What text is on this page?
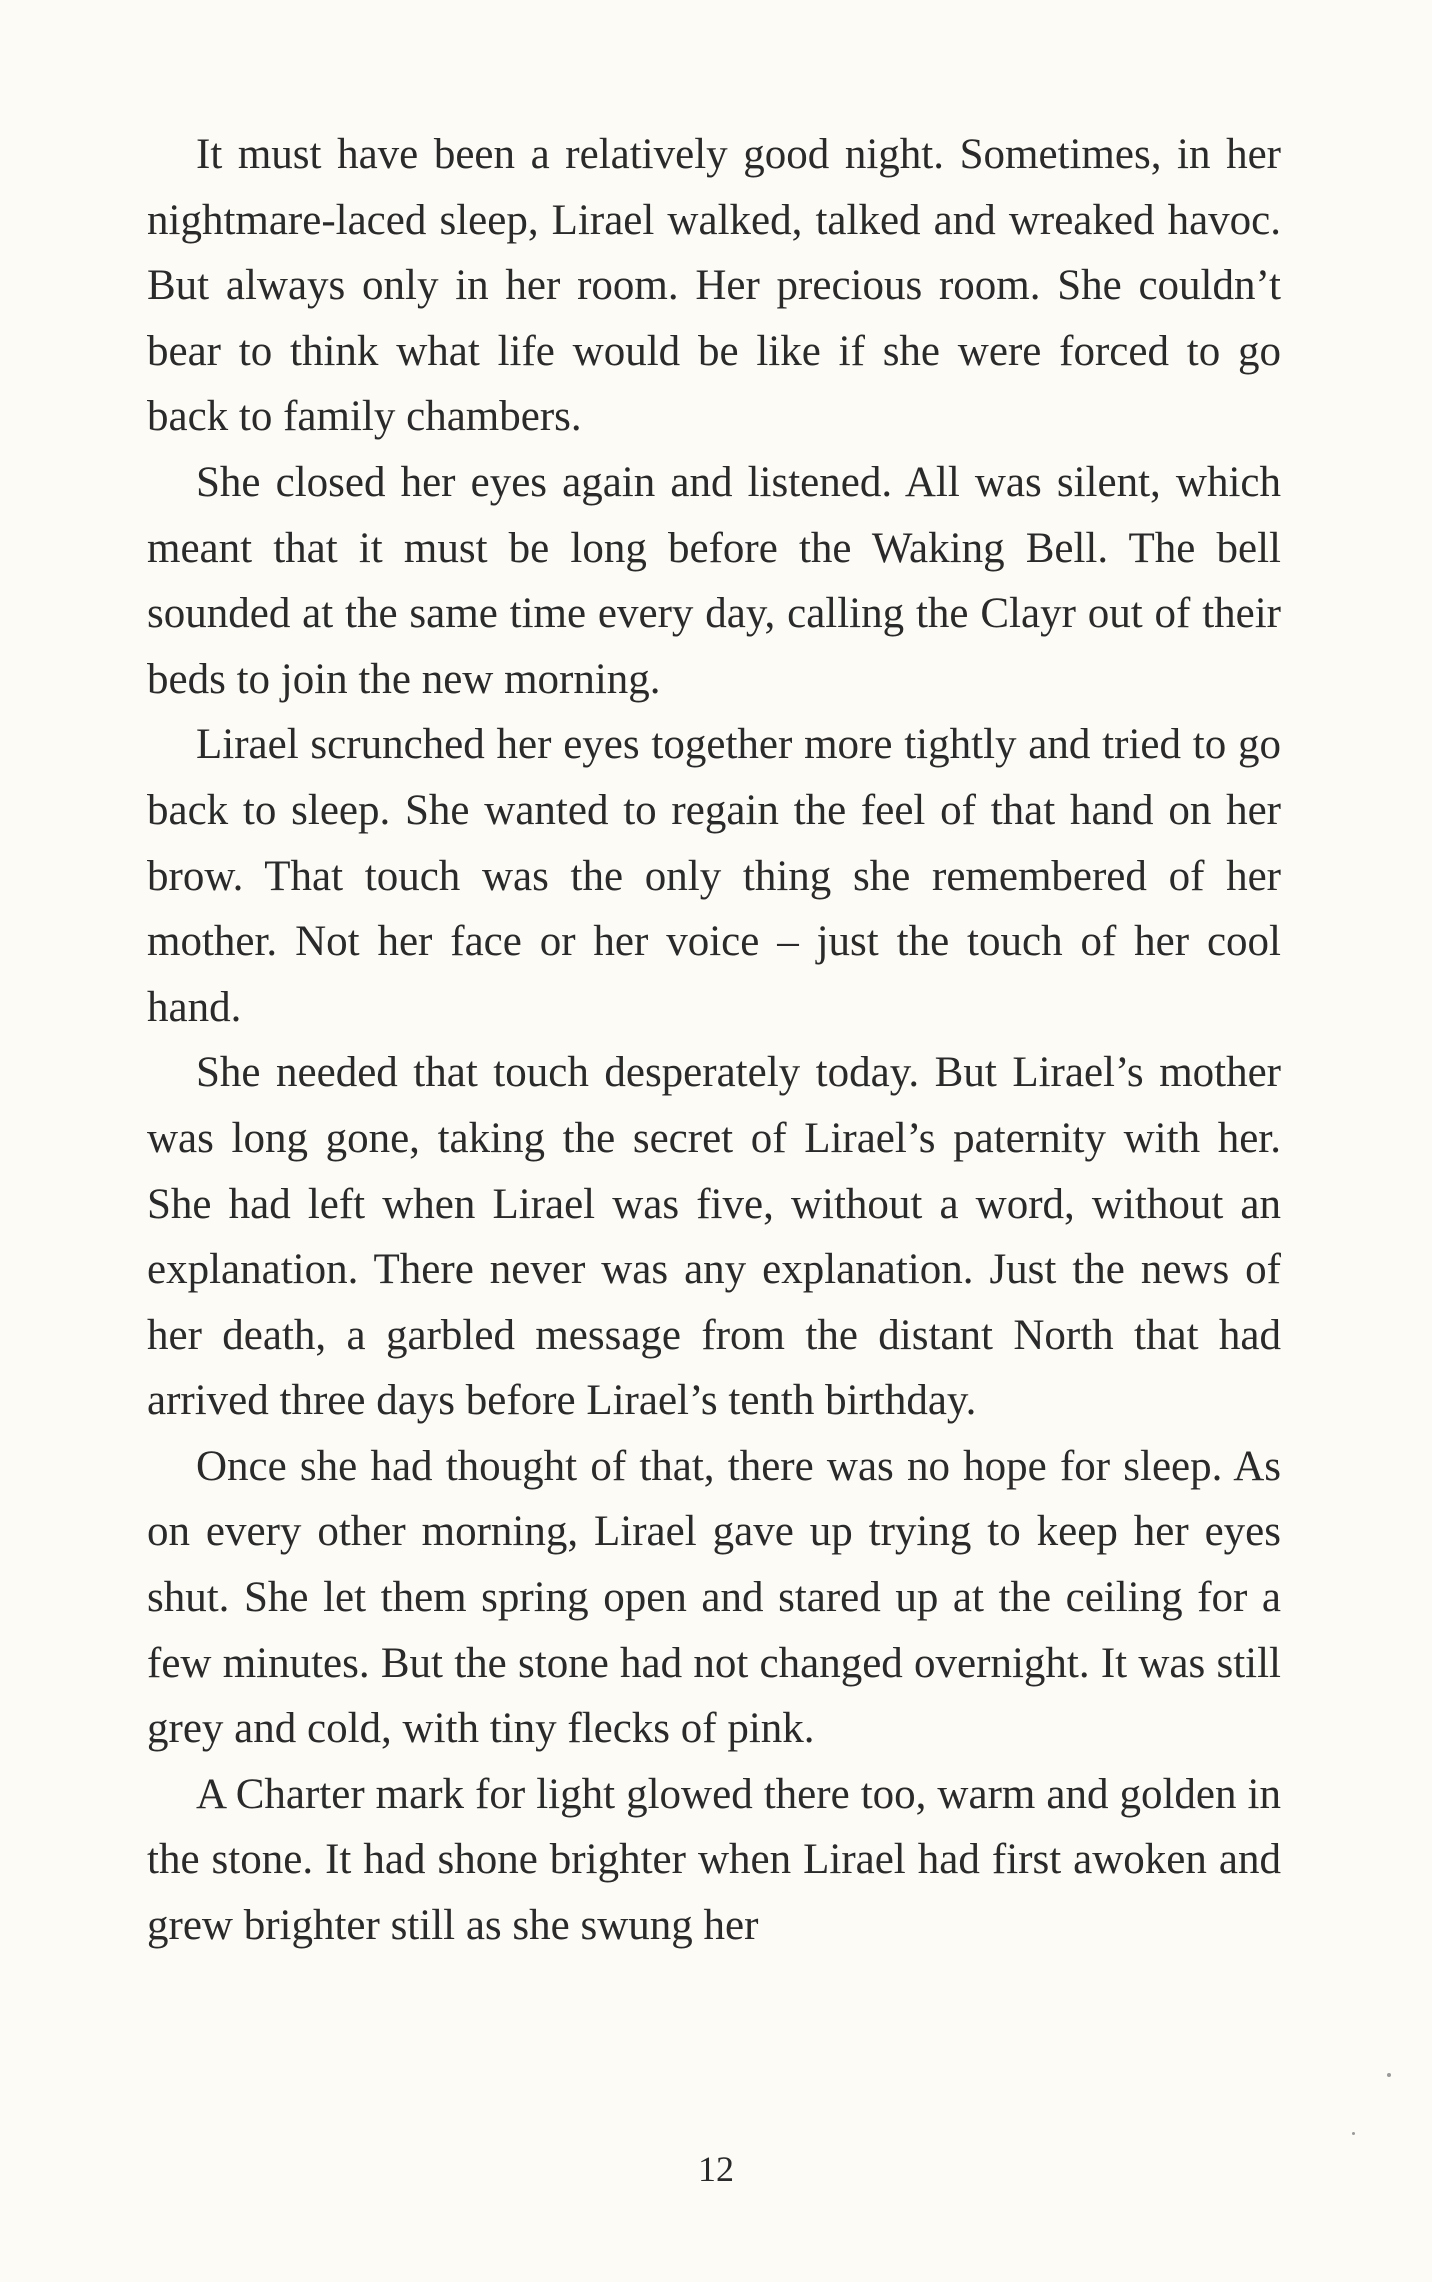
It must have been a relatively good night. Sometimes, in her nightmare-laced sleep, Lirael walked, talked and wreaked havoc. But always only in her room. Her precious room. She couldn’t bear to think what life would be like if she were forced to go back to family chambers.

She closed her eyes again and listened. All was silent, which meant that it must be long before the Waking Bell. The bell sounded at the same time every day, calling the Clayr out of their beds to join the new morning.

Lirael scrunched her eyes together more tightly and tried to go back to sleep. She wanted to regain the feel of that hand on her brow. That touch was the only thing she remembered of her mother. Not her face or her voice – just the touch of her cool hand.

She needed that touch desperately today. But Lirael’s mother was long gone, taking the secret of Lirael’s paternity with her. She had left when Lirael was five, without a word, without an explanation. There never was any explanation. Just the news of her death, a garbled message from the distant North that had arrived three days before Lirael’s tenth birthday.

Once she had thought of that, there was no hope for sleep. As on every other morning, Lirael gave up trying to keep her eyes shut. She let them spring open and stared up at the ceiling for a few minutes. But the stone had not changed overnight. It was still grey and cold, with tiny flecks of pink.

A Charter mark for light glowed there too, warm and golden in the stone. It had shone brighter when Lirael had first awoken and grew brighter still as she swung her

12
